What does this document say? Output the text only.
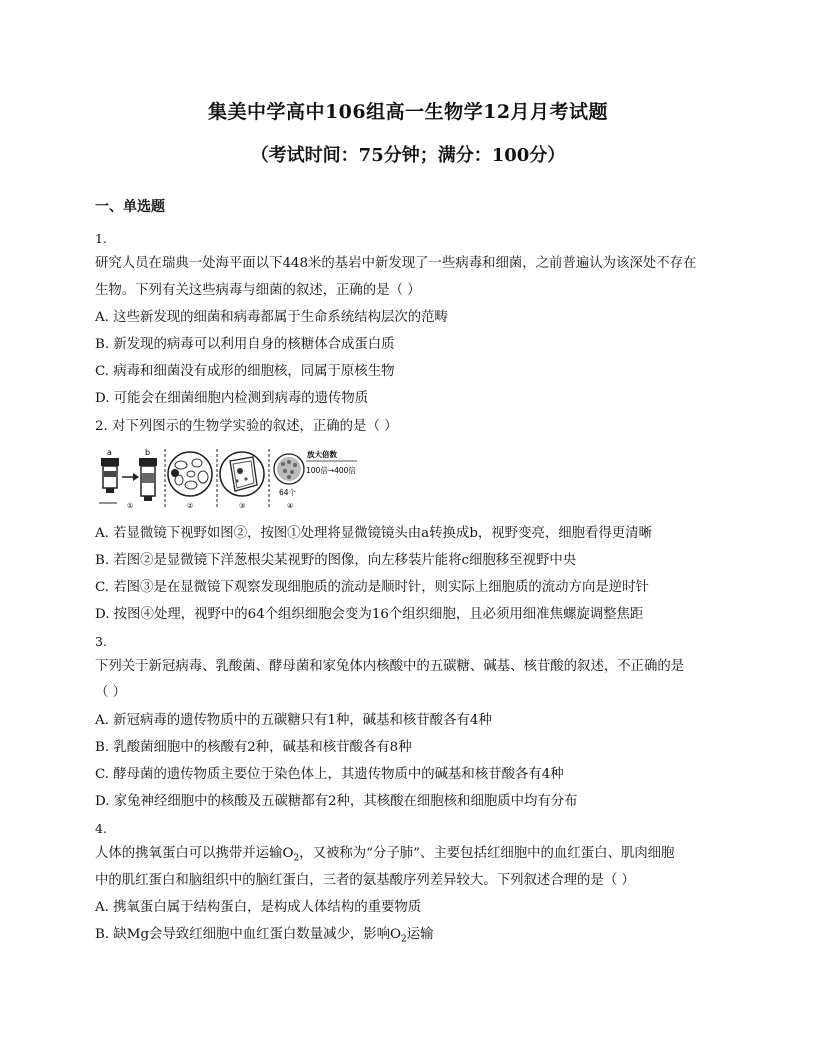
集美中学高中106组高一生物学12月月考试题
（考试时间：75分钟；满分：100分）
一、单选题
1.
研究人员在瑞典一处海平面以下448米的基岩中新发现了一些病毒和细菌，之前普遍认为该深处不存在
生物。下列有关这些病毒与细菌的叙述，正确的是（ ）
A. 这些新发现的细菌和病毒都属于生命系统结构层次的范畴
B. 新发现的病毒可以利用自身的核糖体合成蛋白质
C. 病毒和细菌没有成形的细胞核，同属于原核生物
D. 可能会在细菌细胞内检测到病毒的遗传物质
2. 对下列图示的生物学实验的叙述，正确的是（ ）
a	b
①	②	③
64个
放大倍数
100倍→400倍
④
A. 若显微镜下视野如图②，按图①处理将显微镜镜头由a转换成b，视野变亮，细胞看得更清晰
B. 若图②是显微镜下洋葱根尖某视野的图像，向左移装片能将c细胞移至视野中央
C. 若图③是在显微镜下观察发现细胞质的流动是顺时针，则实际上细胞质的流动方向是逆时针
D. 按图④处理，视野中的64个组织细胞会变为16个组织细胞，且必须用细准焦螺旋调整焦距
3.
下列关于新冠病毒、乳酸菌、酵母菌和家兔体内核酸中的五碳糖、碱基、核苷酸的叙述，不正确的是
（ ）
A. 新冠病毒的遗传物质中的五碳糖只有1种，碱基和核苷酸各有4种
B. 乳酸菌细胞中的核酸有2种，碱基和核苷酸各有8种
C. 酵母菌的遗传物质主要位于染色体上，其遗传物质中的碱基和核苷酸各有4种
D. 家兔神经细胞中的核酸及五碳糖都有2种，其核酸在细胞核和细胞质中均有分布
4.
人体的携氧蛋白可以携带并运输$O_2$，又被称为“分子肺”、主要包括红细胞中的血红蛋白、肌肉细胞
中的肌红蛋白和脑组织中的脑红蛋白，三者的氨基酸序列差异较大。下列叙述合理的是（ ）
A. 携氧蛋白属于结构蛋白，是构成人体结构的重要物质
B. 缺Mg会导致红细胞中血红蛋白数量减少，影响$O_2$运输
